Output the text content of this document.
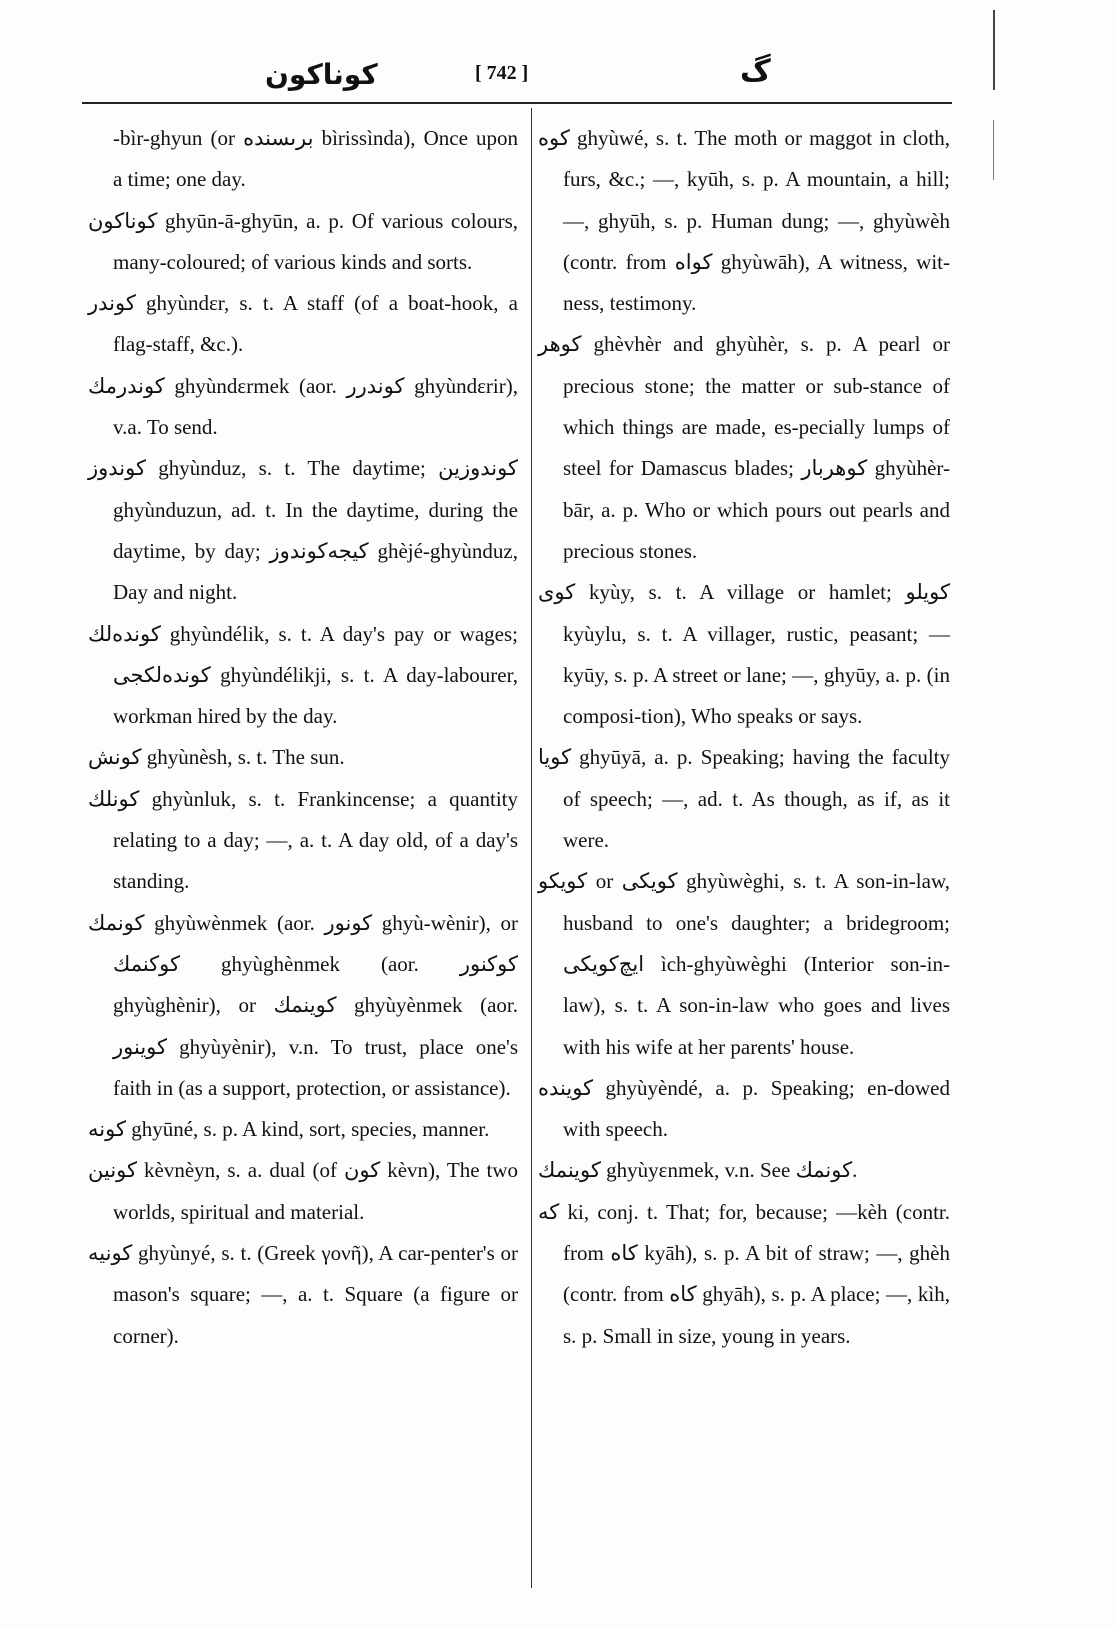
كوناكون	[ 742 ]	گ

-bìr-ghyun (or برىسندە bìrissìnda), Once upon a time; one day.

كوناكون ghyūn-ā-ghyūn, a. p. Of various colours, many-coloured; of various kinds and sorts.

كوندر ghyùndεr, s. t. A staff (of a boat-hook, a flag-staff, &c.).

كوندرمك ghyùndεrmek (aor. كوندرر ghyùndεrir), v.a. To send.

كوندوز ghyùnduz, s. t. The daytime; كوندوزين ghyùnduzun, ad. t. In the daytime, during the daytime, by day; كيجه‌كوندوز ghèjé-ghyùnduz, Day and night.

كونده‌لك ghyùndélik, s. t. A day's pay or wages; كونده‌لكجى ghyùndélikji, s. t. A day-labourer, workman hired by the day.

كونش ghyùnèsh, s. t. The sun.

كونلك ghyùnluk, s. t. Frankincense; a quantity relating to a day; —, a. t. A day old, of a day's standing.

كونمك ghyùwènmek (aor. كونور ghyù-wènir), or كوكنمك ghyùghènmek (aor. كوكنور ghyùghènir), or كوينمك ghyùyènmek (aor. كوينور ghyùyènir), v.n. To trust, place one's faith in (as a support, protection, or assistance).

كونه ghyūné, s. p. A kind, sort, species, manner.

كونين kèvnèyn, s. a. dual (of كون kèvn), The two worlds, spiritual and material.

كونيه ghyùnyé, s. t. (Greek γονῆ), A car-penter's or mason's square; —, a. t. Square (a figure or corner).

كوه ghyùwé, s. t. The moth or maggot in cloth, furs, &c.; —, kyūh, s. p. A mountain, a hill; —, ghyūh, s. p. Human dung; —, ghyùwèh (contr. from كواه ghyùwāh), A witness, wit-ness, testimony.

كوهر ghèvhèr and ghyùhèr, s. p. A pearl or precious stone; the matter or sub-stance of which things are made, es-pecially lumps of steel for Damascus blades; كوهربار ghyùhèr-bār, a. p. Who or which pours out pearls and precious stones.

كوى kyùy, s. t. A village or hamlet; كويلو kyùylu, s. t. A villager, rustic, peasant; —kyūy, s. p. A street or lane; —, ghyūy, a. p. (in composi-tion), Who speaks or says.

كويا ghyūyā, a. p. Speaking; having the faculty of speech; —, ad. t. As though, as if, as it were.

كويكو or كويكى ghyùwèghi, s. t. A son-in-law, husband to one's daughter; a bridegroom; ايچ‌كويكى ìch-ghyùwèghi (Interior son-in-law), s. t. A son-in-law who goes and lives with his wife at her parents' house.

كوينده ghyùyèndé, a. p. Speaking; en-dowed with speech.

كوينمك ghyùyεnmek, v.n. See كونمك.

كه ki, conj. t. That; for, because; —kèh (contr. from كاه kyāh), s. p. A bit of straw; —, ghèh (contr. from كاه ghyāh), s. p. A place; —, kìh, s. p. Small in size, young in years.
